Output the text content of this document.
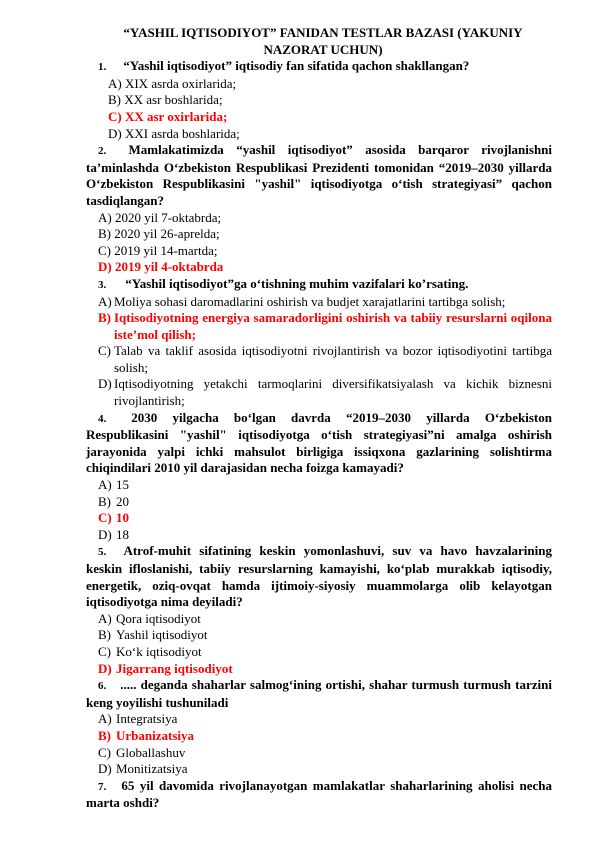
“YASHIL IQTISODIYOT” FANIDAN TESTLAR BAZASI (YAKUNIY NAZORAT UCHUN)

1. “Yashil iqtisodiyot” iqtisodiy fan sifatida qachon shakllangan?

A) XIX asrda oxirlarida;
B) XX asr boshlarida;
C) XX asr oxirlarida;
D) XXI asrda boshlarida;

2. Mamlakatimizda “yashil iqtisodiyot” asosida barqaror rivojlanishni ta’minlashda O‘zbekiston Respublikasi Prezidenti tomonidan “2019–2030 yillarda O‘zbekiston Respublikasini "yashil" iqtisodiyotga o‘tish strategiyasi” qachon tasdiqlangan?

A) 2020 yil 7-oktabrda;
B) 2020 yil 26-aprelda;
C) 2019 yil 14-martda;
D) 2019 yil 4-oktabrda

3. “Yashil iqtisodiyot”ga o‘tishning muhim vazifalari ko’rsating.

A) Moliya sohasi daromadlarini oshirish va budjet xarajatlarini tartibga solish;
B) Iqtisodiyotning energiya samaradorligini oshirish va tabiiy resurslarni oqilona iste’mol qilish;
C) Talab va taklif asosida iqtisodiyotni rivojlantirish va bozor iqtisodiyotini tartibga solish;
D) Iqtisodiyotning yetakchi tarmoqlarini diversifikatsiyalash va kichik biznesni rivojlantirish;

4. 2030 yilgacha bo‘lgan davrda “2019–2030 yillarda O‘zbekiston Respublikasini "yashil" iqtisodiyotga o‘tish strategiyasi”ni amalga oshirish jarayonida yalpi ichki mahsulot birligiga issiqxona gazlarining solishtirma chiqindilari 2010 yil darajasidan necha foizga kamayadi?

A) 15
B) 20
C) 10
D) 18

5. Atrof-muhit sifatining keskin yomonlashuvi, suv va havo havzalarining keskin ifloslanishi, tabiiy resurslarning kamayishi, ko‘plab murakkab iqtisodiy, energetik, oziq-ovqat hamda ijtimoiy-siyosiy muammolarga olib kelayotgan iqtisodiyotga nima deyiladi?

A) Qora iqtisodiyot
B) Yashil iqtisodiyot
C) Ko‘k iqtisodiyot
D) Jigarrang iqtisodiyot

6. ..... deganda shaharlar salmog‘ining ortishi, shahar turmush turmush tarzini keng yoyilishi tushuniladi

A) Integratsiya
B) Urbanizatsiya
C) Globallashuv
D) Monitizatsiya

7. 65 yil davomida rivojlanayotgan mamlakatlar shaharlarining aholisi necha marta oshdi?
